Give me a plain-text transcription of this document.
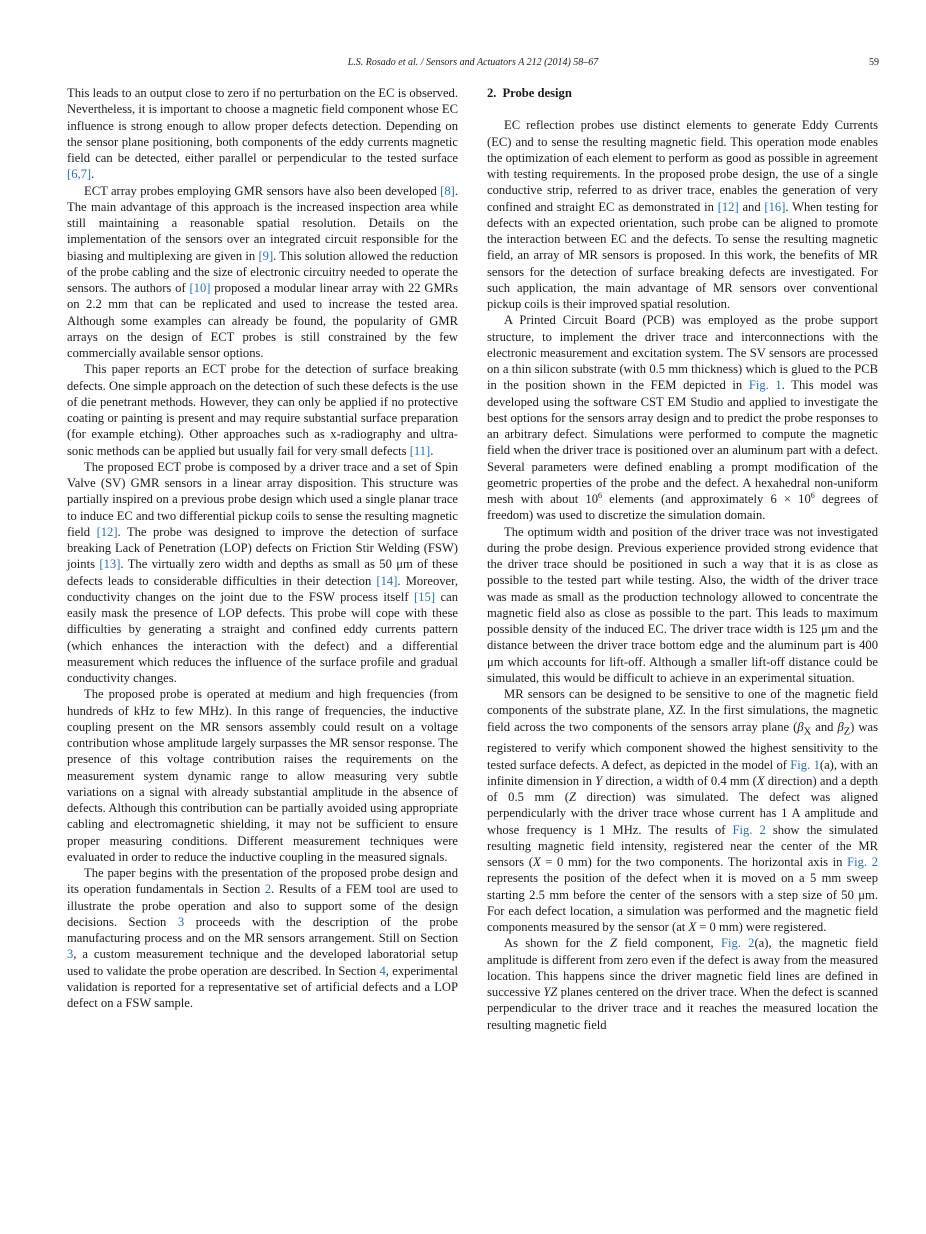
L.S. Rosado et al. / Sensors and Actuators A 212 (2014) 58–67	59

This leads to an output close to zero if no perturbation on the EC is observed. Nevertheless, it is important to choose a magnetic field component whose EC influence is strong enough to allow proper defects detection. Depending on the sensor plane positioning, both components of the eddy currents magnetic field can be detected, either parallel or perpendicular to the tested surface [6,7].

ECT array probes employing GMR sensors have also been developed [8]. The main advantage of this approach is the increased inspection area while still maintaining a reasonable spatial resolution. Details on the implementation of the sensors over an integrated circuit responsible for the biasing and multiplexing are given in [9]. This solution allowed the reduction of the probe cabling and the size of electronic circuitry needed to operate the sensors. The authors of [10] proposed a modular linear array with 22 GMRs on 2.2 mm that can be replicated and used to increase the tested area. Although some examples can already be found, the popularity of GMR arrays on the design of ECT probes is still constrained by the few commercially available sensor options.

This paper reports an ECT probe for the detection of surface breaking defects. One simple approach on the detection of such these defects is the use of die penetrant methods. However, they can only be applied if no protective coating or painting is present and may require substantial surface preparation (for example etching). Other approaches such as x-radiography and ultra-sonic methods can be applied but usually fail for very small defects [11].

The proposed ECT probe is composed by a driver trace and a set of Spin Valve (SV) GMR sensors in a linear array disposition. This structure was partially inspired on a previous probe design which used a single planar trace to induce EC and two differential pickup coils to sense the resulting magnetic field [12]. The probe was designed to improve the detection of surface breaking Lack of Penetration (LOP) defects on Friction Stir Welding (FSW) joints [13]. The virtually zero width and depths as small as 50 μm of these defects leads to considerable difficulties in their detection [14]. Moreover, conductivity changes on the joint due to the FSW process itself [15] can easily mask the presence of LOP defects. This probe will cope with these difficulties by generating a straight and confined eddy currents pattern (which enhances the interaction with the defect) and a differential measurement which reduces the influence of the surface profile and gradual conductivity changes.

The proposed probe is operated at medium and high frequencies (from hundreds of kHz to few MHz). In this range of frequencies, the inductive coupling present on the MR sensors assembly could result on a voltage contribution whose amplitude largely surpasses the MR sensor response. The presence of this voltage contribution raises the requirements on the measurement system dynamic range to allow measuring very subtle variations on a signal with already substantial amplitude in the absence of defects. Although this contribution can be partially avoided using appropriate cabling and electromagnetic shielding, it may not be sufficient to ensure proper measuring conditions. Different measurement techniques were evaluated in order to reduce the inductive coupling in the measured signals.

The paper begins with the presentation of the proposed probe design and its operation fundamentals in Section 2. Results of a FEM tool are used to illustrate the probe operation and also to support some of the design decisions. Section 3 proceeds with the description of the probe manufacturing process and on the MR sensors arrangement. Still on Section 3, a custom measurement technique and the developed laboratorial setup used to validate the probe operation are described. In Section 4, experimental validation is reported for a representative set of artificial defects and a LOP defect on a FSW sample.

2. Probe design

EC reflection probes use distinct elements to generate Eddy Currents (EC) and to sense the resulting magnetic field. This operation mode enables the optimization of each element to perform as good as possible in agreement with testing requirements. In the proposed probe design, the use of a single conductive strip, referred to as driver trace, enables the generation of very confined and straight EC as demonstrated in [12] and [16]. When testing for defects with an expected orientation, such probe can be aligned to promote the interaction between EC and the defects. To sense the resulting magnetic field, an array of MR sensors is proposed. In this work, the benefits of MR sensors for the detection of surface breaking defects are investigated. For such application, the main advantage of MR sensors over conventional pickup coils is their improved spatial resolution.

A Printed Circuit Board (PCB) was employed as the probe support structure, to implement the driver trace and interconnections with the electronic measurement and excitation system. The SV sensors are processed on a thin silicon substrate (with 0.5 mm thickness) which is glued to the PCB in the position shown in the FEM depicted in Fig. 1. This model was developed using the software CST EM Studio and applied to investigate the best options for the sensors array design and to predict the probe responses to an arbitrary defect. Simulations were performed to compute the magnetic field when the driver trace is positioned over an aluminum part with a defect. Several parameters were defined enabling a prompt modification of the geometric properties of the probe and the defect. A hexahedral non-uniform mesh with about $10^6$ elements (and approximately $6 \times 10^6$ degrees of freedom) was used to discretize the simulation domain.

The optimum width and position of the driver trace was not investigated during the probe design. Previous experience provided strong evidence that the driver trace should be positioned in such a way that it is as close as possible to the tested part while testing. Also, the width of the driver trace was made as small as the production technology allowed to concentrate the magnetic field also as close as possible to the part. This leads to maximum possible density of the induced EC. The driver trace width is 125 μm and the distance between the driver trace bottom edge and the aluminum part is 400 μm which accounts for lift-off. Although a smaller lift-off distance could be simulated, this would be difficult to achieve in an experimental situation.

MR sensors can be designed to be sensitive to one of the magnetic field components of the substrate plane, XZ. In the first simulations, the magnetic field across the two components of the sensors array plane ($\beta_X$ and $\beta_Z$) was registered to verify which component showed the highest sensitivity to the tested surface defects. A defect, as depicted in the model of Fig. 1(a), with an infinite dimension in Y direction, a width of 0.4 mm (X direction) and a depth of 0.5 mm (Z direction) was simulated. The defect was aligned perpendicularly with the driver trace whose current has 1 A amplitude and whose frequency is 1 MHz. The results of Fig. 2 show the simulated resulting magnetic field intensity, registered near the center of the MR sensors (X = 0 mm) for the two components. The horizontal axis in Fig. 2 represents the position of the defect when it is moved on a 5 mm sweep starting 2.5 mm before the center of the sensors with a step size of 50 μm. For each defect location, a simulation was performed and the magnetic field components measured by the sensor (at X = 0 mm) were registered.

As shown for the Z field component, Fig. 2(a), the magnetic field amplitude is different from zero even if the defect is away from the measured location. This happens since the driver magnetic field lines are defined in successive YZ planes centered on the driver trace. When the defect is scanned perpendicular to the driver trace and it reaches the measured location the resulting magnetic field
